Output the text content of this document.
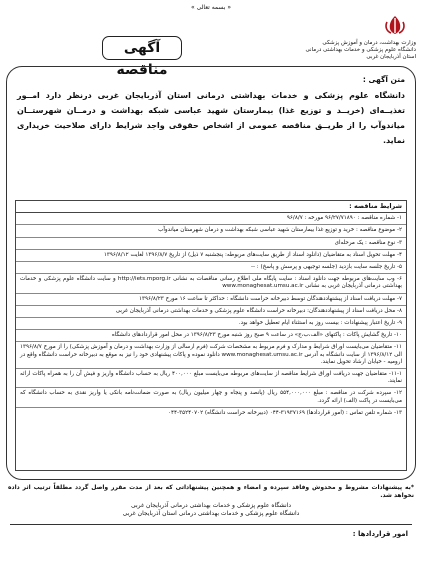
« بسمه تعالی »
وزارت بهداشت، درمان و آموزش پزشکی
دانشگاه علوم پزشکی و خدمات بهداشتی درمانی
استان آذربایجان غربی
آگهی مناقصه
متن آگهی :
دانشگاه علوم پزشکی و خدمات بهداشتی درمانی استان آذربایجان غربی درنظر دارد امــور تغذیــه‌ای (خریــد و توزیع غذا) بیمارستان شهید عباسی شبکه بهداشت و درمــان شهرستــان میاندوآب را از طریــق مناقصه عمومی از اشخاص حقوقی واجد شرایط دارای صلاحیت خریداری نماید.
شرایط مناقصه :
۱- شماره مناقصه : ۹۶/۲۷/۷۱۸۹۰ مورخه : ۹۶/۸/۷
۲- موضوع مناقصه : خرید و توزیع غذا بیمارستان شهید عباسی شبکه بهداشت و درمان شهرستان میاندوآب
۳- نوع مناقصه : یک مرحله‌ای
۴- مهلت تحویل اسناد به متقاضیان (دانلود اسناد از طریق سایت‌های مربوطه: پنجشنبه ۷ ذیل) از تاریخ ۱۳۹۶/۸/۷ لغایت ۱۳۹۶/۸/۱۲
۵- تاریخ جلسه سایت بازدید (جلسه توجیهی و پرسش و پاسخ) : --
۶- وب سایت‌های مربوطه جهت دانلود اسناد : سایت پایگاه ملی اطلاع رسانی مناقصات به نشانی http://iets.mporg.ir و سایت دانشگاه علوم پزشکی و خدمات بهداشتی درمانی آذربایجان غربی به نشانی www.monaghesat.umsu.ac.ir
۷- مهلت دریافت اسناد از پیشنهاددهندگان توسط دبیرخانه حراست دانشگاه : حداکثر تا ساعت ۱۶ مورخ ۱۳۹۶/۸/۲۳
۸- محل دریافت اسناد از پیشنهاددهندگان: دبیرخانه حراست دانشگاه علوم پزشکی و خدمات بهداشتی درمانی آذربایجان غربی
۹- تاریخ اعتبار پیشنهادات : بیست روز به استثناء ایام تعطیل خواهد بود.
۱۰- تاریخ گشایش پاکات : پاکتهای «الف،ب،ج» در ساعت ۹ صبح روز شنبه مورخ ۱۳۹۶/۸/۲۳ در محل امور قراردادهای دانشگاه
۱۱- متقاضیان می‌بایست اوراق شرایط و مدارک و فرم مربوط به مشخصات شرکت (فرم ارسالی از وزارت بهداشت و درمان و آموزش پزشکی) را از مورخ ۱۳۹۶/۸/۷ الی ۱۳۹۶/۸/۱۲ از سایت دانشگاه به آدرس www.monaghesat.umsu.ac.ir دانلود نموده و پاکات پیشنهادی خود را نیز به موقع به دبیرخانه حراست دانشگاه واقع در ارومیه - خیابان ارشاد تحویل نمایند.
۱۱-۱- متقاضیان جهت دریافت اوراق شرایط مناقصه از سایت‌های مربوطه می‌بایست مبلغ ۴۰۰,۰۰۰ ریال به حساب دانشگاه واریز و فیش آن را به همراه پاکات ارائه نمایند.
۱۲- سپرده شرکت در مناقصه : مبلغ ۵۵۴,۰۰۰,۰۰۰ ریال (پانصد و پنجاه و چهار میلیون ریال) به صورت ضمانت‌نامه بانکی یا واریز نقدی به حساب دانشگاه که می‌بایست در پاکت (الف) ارائه گردد.
۱۳- شماره تلفن تماس : (امور قراردادها) ۳۱۹۳۷۱۶۹-۰۴۴ (دبیرخانه حراست دانشگاه) ۳۵۲۴۰۷۰۲-۰۴۴
*به پیشنهادات مشروط و مخدوش وفاقد سپرده و امضاء و همچنین پیشنهاداتی که بعد از مدت مقرر واصل گردد مطلقاً ترتیب اثر داده نخواهد شد.
دانشگاه علوم پزشکی و خدمات بهداشتی درمانی آذربایجان غربی
دانشگاه علوم پزشکی و خدمات بهداشتی درمانی استان آذربایجان غربی
امور قراردادها :
